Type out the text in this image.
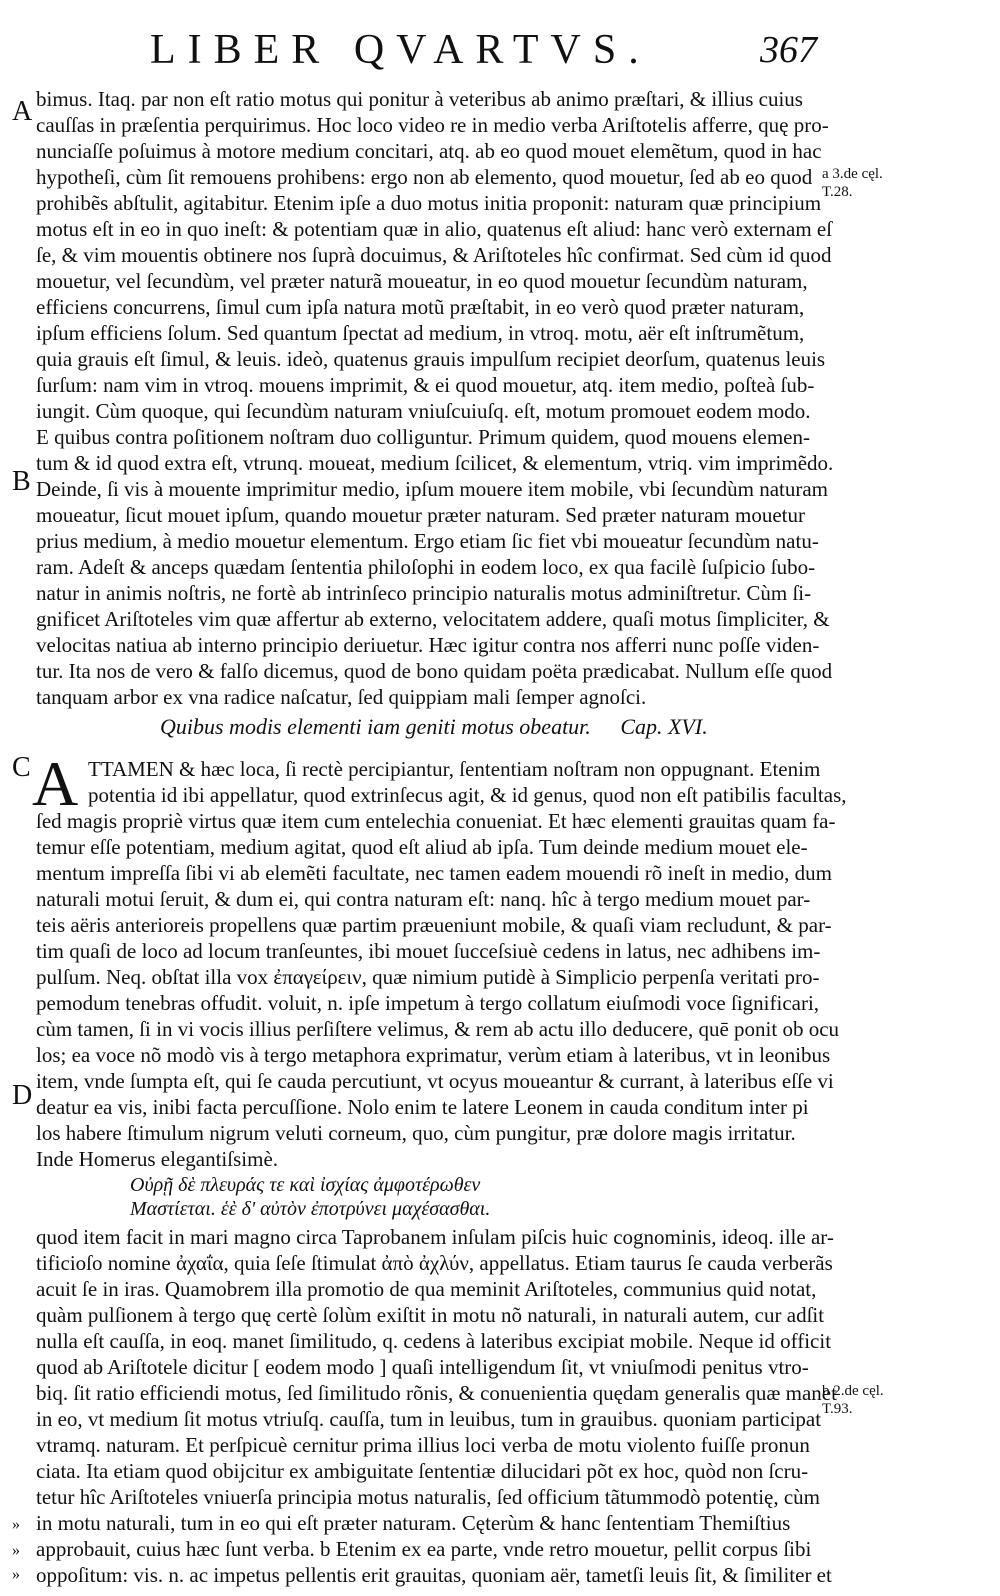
LIBER QVARTVS.	367
A
B
C
D
a 3.de cęl. T.28.
b 2.de cęl. T.93.
bimus. Itaq. par non eſt ratio motus qui ponitur à veteribus ab animo præſtari, & illius cuius
cauſſas in præſentia perquirimus. Hoc loco video re in medio verba Ariſtotelis afferre, quę pro-
nunciaſſe poſuimus à motore medium concitari, atq. ab eo quod mouet elemẽtum, quod in hac
hypotheſi, cùm ſit remouens prohibens: ergo non ab elemento, quod mouetur, ſed ab eo quod
prohibẽs abſtulit, agitabitur. Etenim ipſe a duo motus initia proponit: naturam quæ principium
motus eſt in eo in quo ineſt: & potentiam quæ in alio, quatenus eſt aliud: hanc verò externam eſ
ſe, & vim mouentis obtinere nos ſuprà docuimus, & Ariſtoteles hîc confirmat. Sed cùm id quod
mouetur, vel ſecundùm, vel præter naturã moueatur, in eo quod mouetur ſecundùm naturam,
efficiens concurrens, ſimul cum ipſa natura motũ præſtabit, in eo verò quod præter naturam,
ipſum efficiens ſolum. Sed quantum ſpectat ad medium, in vtroq. motu, aër eſt inſtrumẽtum,
quia grauis eſt ſimul, & leuis. ideò, quatenus grauis impulſum recipiet deorſum, quatenus leuis
ſurſum: nam vim in vtroq. mouens imprimit, & ei quod mouetur, atq. item medio, poſteà ſub-
iungit. Cùm quoque, qui ſecundùm naturam vniuſcuiuſq. eſt, motum promouet eodem modo.
E quibus contra poſitionem noſtram duo colliguntur. Primum quidem, quod mouens elemen-
tum & id quod extra eſt, vtrunq. moueat, medium ſcilicet, & elementum, vtriq. vim imprimẽdo.
Deinde, ſi vis à mouente imprimitur medio, ipſum mouere item mobile, vbi ſecundùm naturam
moueatur, ſicut mouet ipſum, quando mouetur præter naturam. Sed præter naturam mouetur
prius medium, à medio mouetur elementum. Ergo etiam ſic fiet vbi moueatur ſecundùm natu-
ram. Adeſt & anceps quædam ſententia philoſophi in eodem loco, ex qua facilè ſuſpicio ſubo-
natur in animis noſtris, ne fortè ab intrinſeco principio naturalis motus adminiſtretur. Cùm ſi-
gnificet Ariſtoteles vim quæ affertur ab externo, velocitatem addere, quaſi motus ſimpliciter, &
velocitas natiua ab interno principio deriuetur. Hæc igitur contra nos afferri nunc poſſe viden-
tur. Ita nos de vero & falſo dicemus, quod de bono quidam poëta prædicabat. Nullum eſſe quod
tanquam arbor ex vna radice naſcatur, ſed quippiam mali ſemper agnoſci.
Quibus modis elementi iam geniti motus obeatur. Cap. XVI.
A TTAMEN & hæc loca, ſi rectè percipiantur, ſententiam noſtram non oppugnant. Etenim
potentia id ibi appellatur, quod extrinſecus agit, & id genus, quod non eſt patibilis facultas,
ſed magis propriè virtus quæ item cum entelechia conueniat. Et hæc elementi grauitas quam fa-
temur eſſe potentiam, medium agitat, quod eſt aliud ab ipſa. Tum deinde medium mouet ele-
mentum impreſſa ſibi vi ab elemẽti facultate, nec tamen eadem mouendi rõ ineſt in medio, dum
naturali motui ſeruit, & dum ei, qui contra naturam eſt: nanq. hîc à tergo medium mouet par-
teis aëris anterioreis propellens quæ partim præueniunt mobile, & quaſi viam recludunt, & par-
tim quaſi de loco ad locum tranſeuntes, ibi mouet ſucceſsiuè cedens in latus, nec adhibens im-
pulſum. Neq. obſtat illa vox ἐπαγείρειν, quæ nimium putidè à Simplicio perpenſa veritati pro-
pemodum tenebras offudit. voluit, n. ipſe impetum à tergo collatum eiuſmodi voce ſignificari,
cùm tamen, ſi in vi vocis illius perſiſtere velimus, & rem ab actu illo deducere, quē ponit ob ocu
los; ea voce nõ modò vis à tergo metaphora exprimatur, verùm etiam à lateribus, vt in leonibus
item, vnde ſumpta eſt, qui ſe cauda percutiunt, vt ocyus moueantur & currant, à lateribus eſſe vi
deatur ea vis, inibi facta percuſſione. Nolo enim te latere Leonem in cauda conditum inter pi
los habere ſtimulum nigrum veluti corneum, quo, cùm pungitur, præ dolore magis irritatur.
Inde Homerus elegantiſsimè.
Οὐρῇ δὲ πλευράς τε καὶ ἰσχίας ἀμφοτέρωθεν
Μαστίεται. ἑὲ δ' αὐτὸν ἐποτρύνει μαχέσασθαι.
quod item facit in mari magno circa Taprobanem inſulam piſcis huic cognominis, ideoq. ille ar-
tificioſo nomine ἀχαΐα, quia ſeſe ſtimulat ἀπὸ ἀχλύν, appellatus. Etiam taurus ſe cauda verberãs
acuit ſe in iras. Quamobrem illa promotio de qua meminit Ariſtoteles, communius quid notat,
quàm pulſionem à tergo quę certè ſolùm exiſtit in motu nõ naturali, in naturali autem, cur adſit
nulla eſt cauſſa, in eoq. manet ſimilitudo, q. cedens à lateribus excipiat mobile. Neque id officit
quod ab Ariſtotele dicitur [ eodem modo ] quaſi intelligendum ſit, vt vniuſmodi penitus vtro-
biq. ſit ratio efficiendi motus, ſed ſimilitudo rõnis, & conuenientia quędam generalis quæ manet
in eo, vt medium ſit motus vtriuſq. cauſſa, tum in leuibus, tum in grauibus. quoniam participat
vtramq. naturam. Et perſpicuè cernitur prima illius loci verba de motu violento fuiſſe pronun
ciata. Ita etiam quod obijcitur ex ambiguitate ſententiæ dilucidari põt ex hoc, quòd non ſcru-
tetur hîc Ariſtoteles vniuerſa principia motus naturalis, ſed officium tãtummodò potentię, cùm
in motu naturali, tum in eo qui eſt præter naturam. Cęterùm & hanc ſententiam Themiſtius
approbauit, cuius hæc ſunt verba. b Etenim ex ea parte, vnde retro mouetur, pellit corpus ſibi
oppoſitum: vis. n. ac impetus pellentis erit grauitas, quoniam aër, tametſi leuis ſit, & ſimiliter et
»
»
»
